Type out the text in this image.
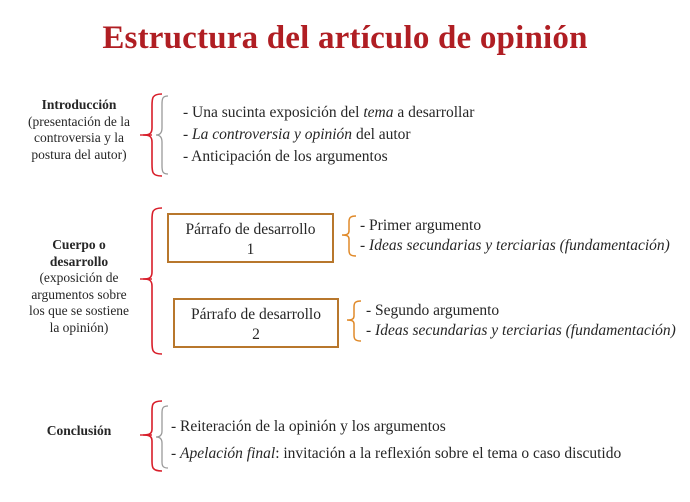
Estructura del artículo de opinión
Introducción
(presentación de la
controversia y la
postura del autor)
- Una sucinta exposición del tema a desarrollar
- La controversia y opinión del autor
- Anticipación de los argumentos
Cuerpo o
desarrollo
(exposición de
argumentos sobre
los que se sostiene
la opinión)
Párrafo de desarrollo
1
- Primer argumento
- Ideas secundarias y terciarias (fundamentación)
Párrafo de desarrollo
2
- Segundo argumento
- Ideas secundarias y terciarias (fundamentación)
Conclusión	- Reiteración de la opinión y los argumentos
- Apelación final: invitación a la reflexión sobre el tema o caso discutido
